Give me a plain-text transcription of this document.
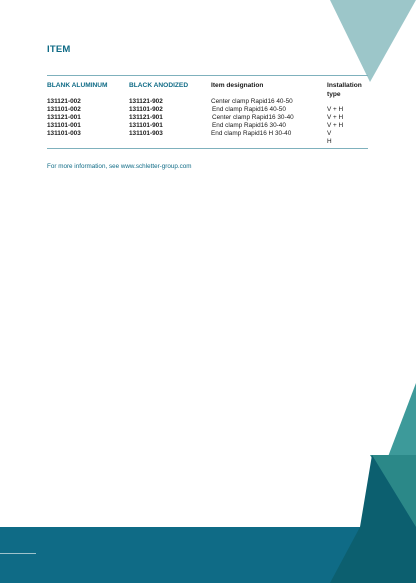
ITEM
BLANK ALUMINUM	BLACK ANODIZED	Item designation	Installation type
131121-002	131121-902	Center clamp Rapid16 40-50
131101-002	131101-902	End clamp Rapid16 40-50	V + H
131121-001	131121-901	Center clamp Rapid16 30-40	V + H
131101-001	131101-901	End clamp Rapid16 30-40	V + H
131101-003	131101-903	End clamp Rapid16 H 30-40	V
H
For more information, see www.schletter-group.com
